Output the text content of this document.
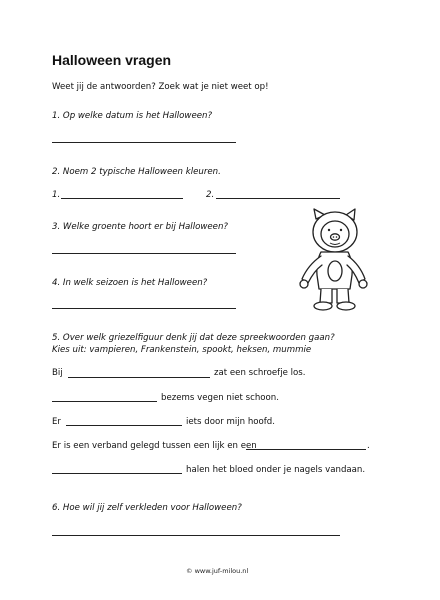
Halloween vragen
Weet jij de antwoorden? Zoek wat je niet weet op!
1. Op welke datum is het Halloween?
2. Noem 2 typische Halloween kleuren.
1.	2.
3. Welke groente hoort er bij Halloween?
4. In welk seizoen is het Halloween?
5. Over welk griezelfiguur denk jij dat deze spreekwoorden gaan?
Kies uit: vampieren, Frankenstein, spookt, heksen, mummie
Bij	zat een schroefje los.
bezems vegen niet schoon.
Er	iets door mijn hoofd.
Er is een verband gelegd tussen een lijk en een	.
halen het bloed onder je nagels vandaan.
6. Hoe wil jij zelf verkleden voor Halloween?
© www.juf-milou.nl
